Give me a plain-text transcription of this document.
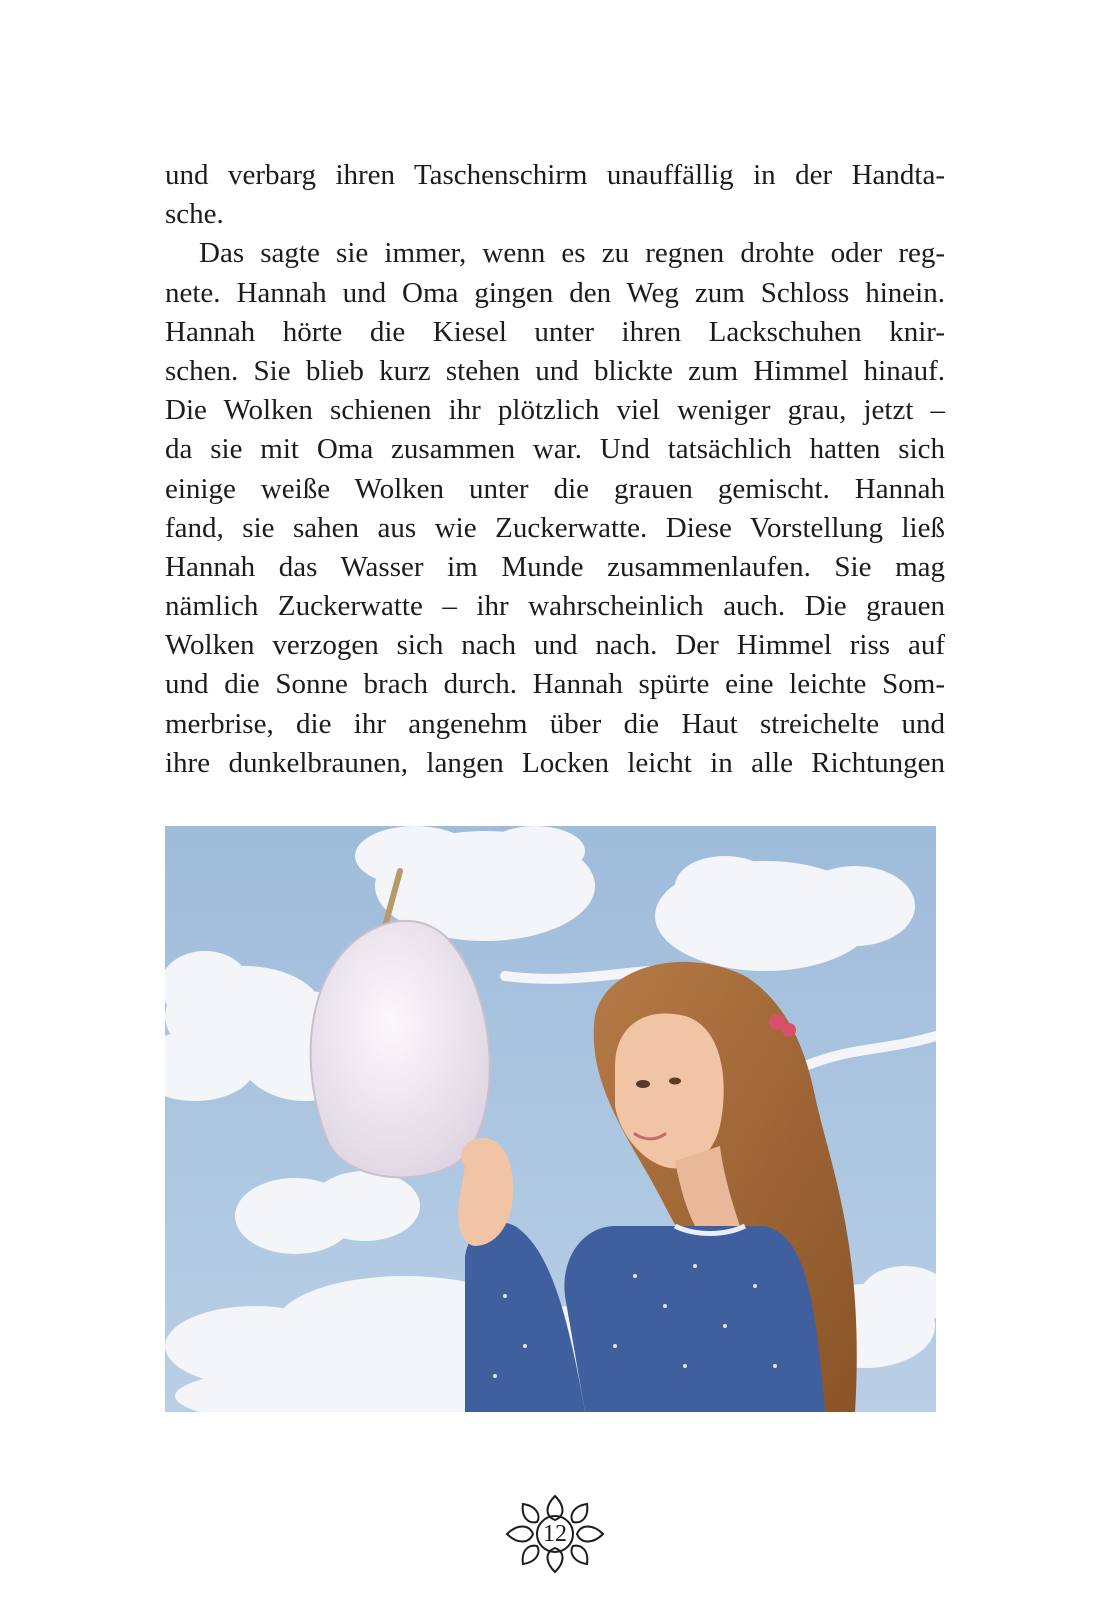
und verbarg ihren Taschenschirm unauffällig in der Handta-
sche.
Das sagte sie immer, wenn es zu regnen drohte oder reg-
nete. Hannah und Oma gingen den Weg zum Schloss hinein.
Hannah hörte die Kiesel unter ihren Lackschuhen knir-
schen. Sie blieb kurz stehen und blickte zum Himmel hinauf.
Die Wolken schienen ihr plötzlich viel weniger grau, jetzt –
da sie mit Oma zusammen war. Und tatsächlich hatten sich
einige weiße Wolken unter die grauen gemischt. Hannah
fand, sie sahen aus wie Zuckerwatte. Diese Vorstellung ließ
Hannah das Wasser im Munde zusammenlaufen. Sie mag
nämlich Zuckerwatte – ihr wahrscheinlich auch. Die grauen
Wolken verzogen sich nach und nach. Der Himmel riss auf
und die Sonne brach durch. Hannah spürte eine leichte Som-
merbrise, die ihr angenehm über die Haut streichelte und
ihre dunkelbraunen, langen Locken leicht in alle Richtungen
12
